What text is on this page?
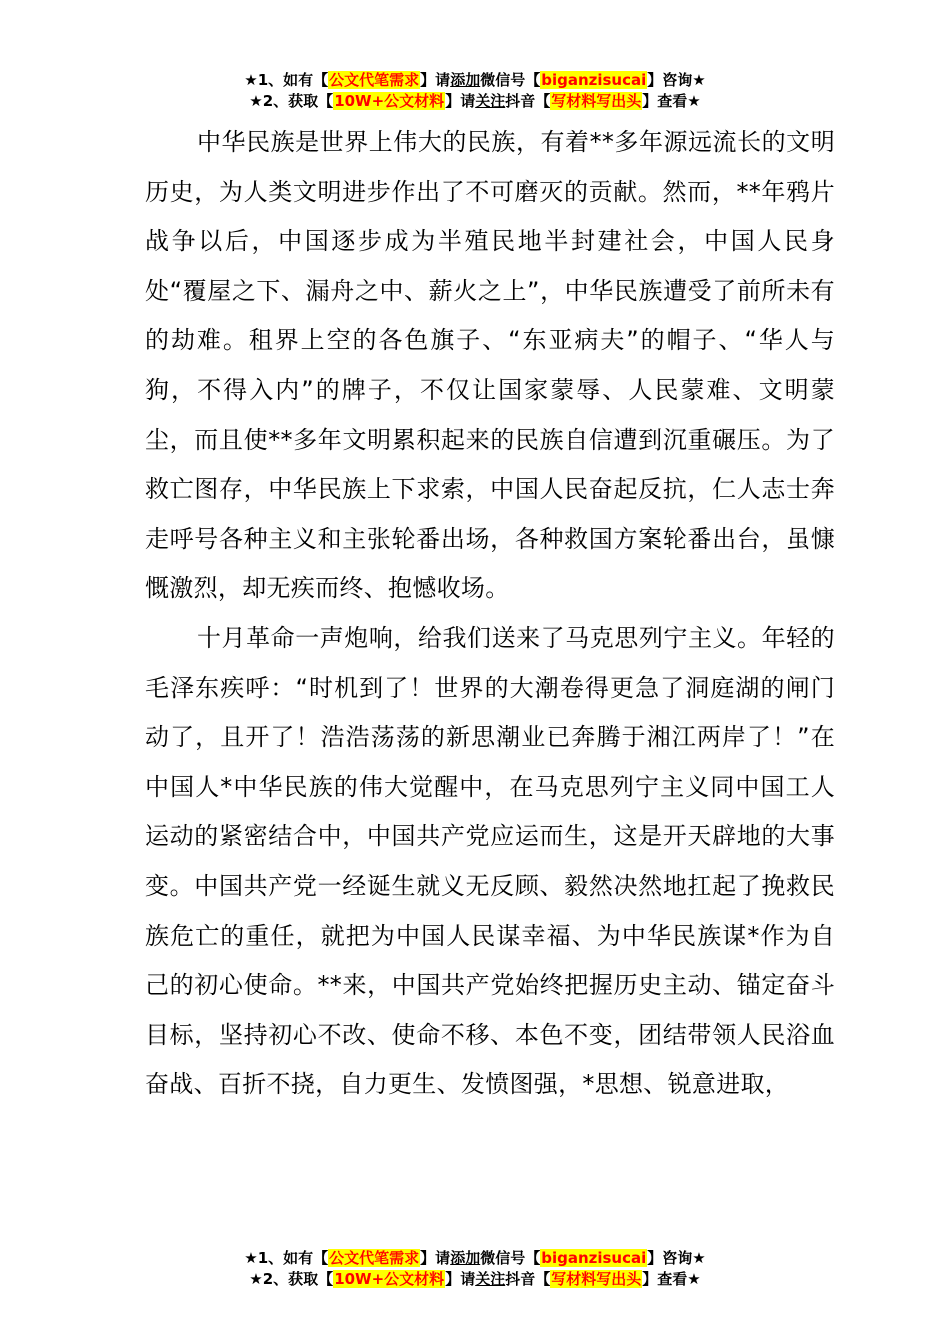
★1、如有【公文代笔需求】请添加微信号【biganzisucai】咨询★
★2、获取【10W+公文材料】请关注抖音【写材料写出头】查看★

中华民族是世界上伟大的民族，有着**多年源远流长的文明历史，为人类文明进步作出了不可磨灭的贡献。然而，**年鸦片战争以后，中国逐步成为半殖民地半封建社会，中国人民身处“覆屋之下、漏舟之中、薪火之上”，中华民族遭受了前所未有的劫难。租界上空的各色旗子、“东亚病夫”的帽子、“华人与狗，不得入内”的牌子，不仅让国家蒙辱、人民蒙难、文明蒙尘，而且使**多年文明累积起来的民族自信遭到沉重碾压。为了救亡图存，中华民族上下求索，中国人民奋起反抗，仁人志士奔走呼号各种主义和主张轮番出场，各种救国方案轮番出台，虽慷慨激烈，却无疾而终、抱憾收场。

十月革命一声炮响，给我们送来了马克思列宁主义。年轻的毛泽东疾呼：“时机到了！世界的大潮卷得更急了洞庭湖的闸门动了，且开了！浩浩荡荡的新思潮业已奔腾于湘江两岸了！”在中国人*中华民族的伟大觉醒中，在马克思列宁主义同中国工人运动的紧密结合中，中国共产党应运而生，这是开天辟地的大事变。中国共产党一经诞生就义无反顾、毅然决然地扛起了挽救民族危亡的重任，就把为中国人民谋幸福、为中华民族谋*作为自己的初心使命。**来，中国共产党始终把握历史主动、锚定奋斗目标，坚持初心不改、使命不移、本色不变，团结带领人民浴血奋战、百折不挠，自力更生、发愤图强，*思想、锐意进取，

★1、如有【公文代笔需求】请添加微信号【biganzisucai】咨询★
★2、获取【10W+公文材料】请关注抖音【写材料写出头】查看★
